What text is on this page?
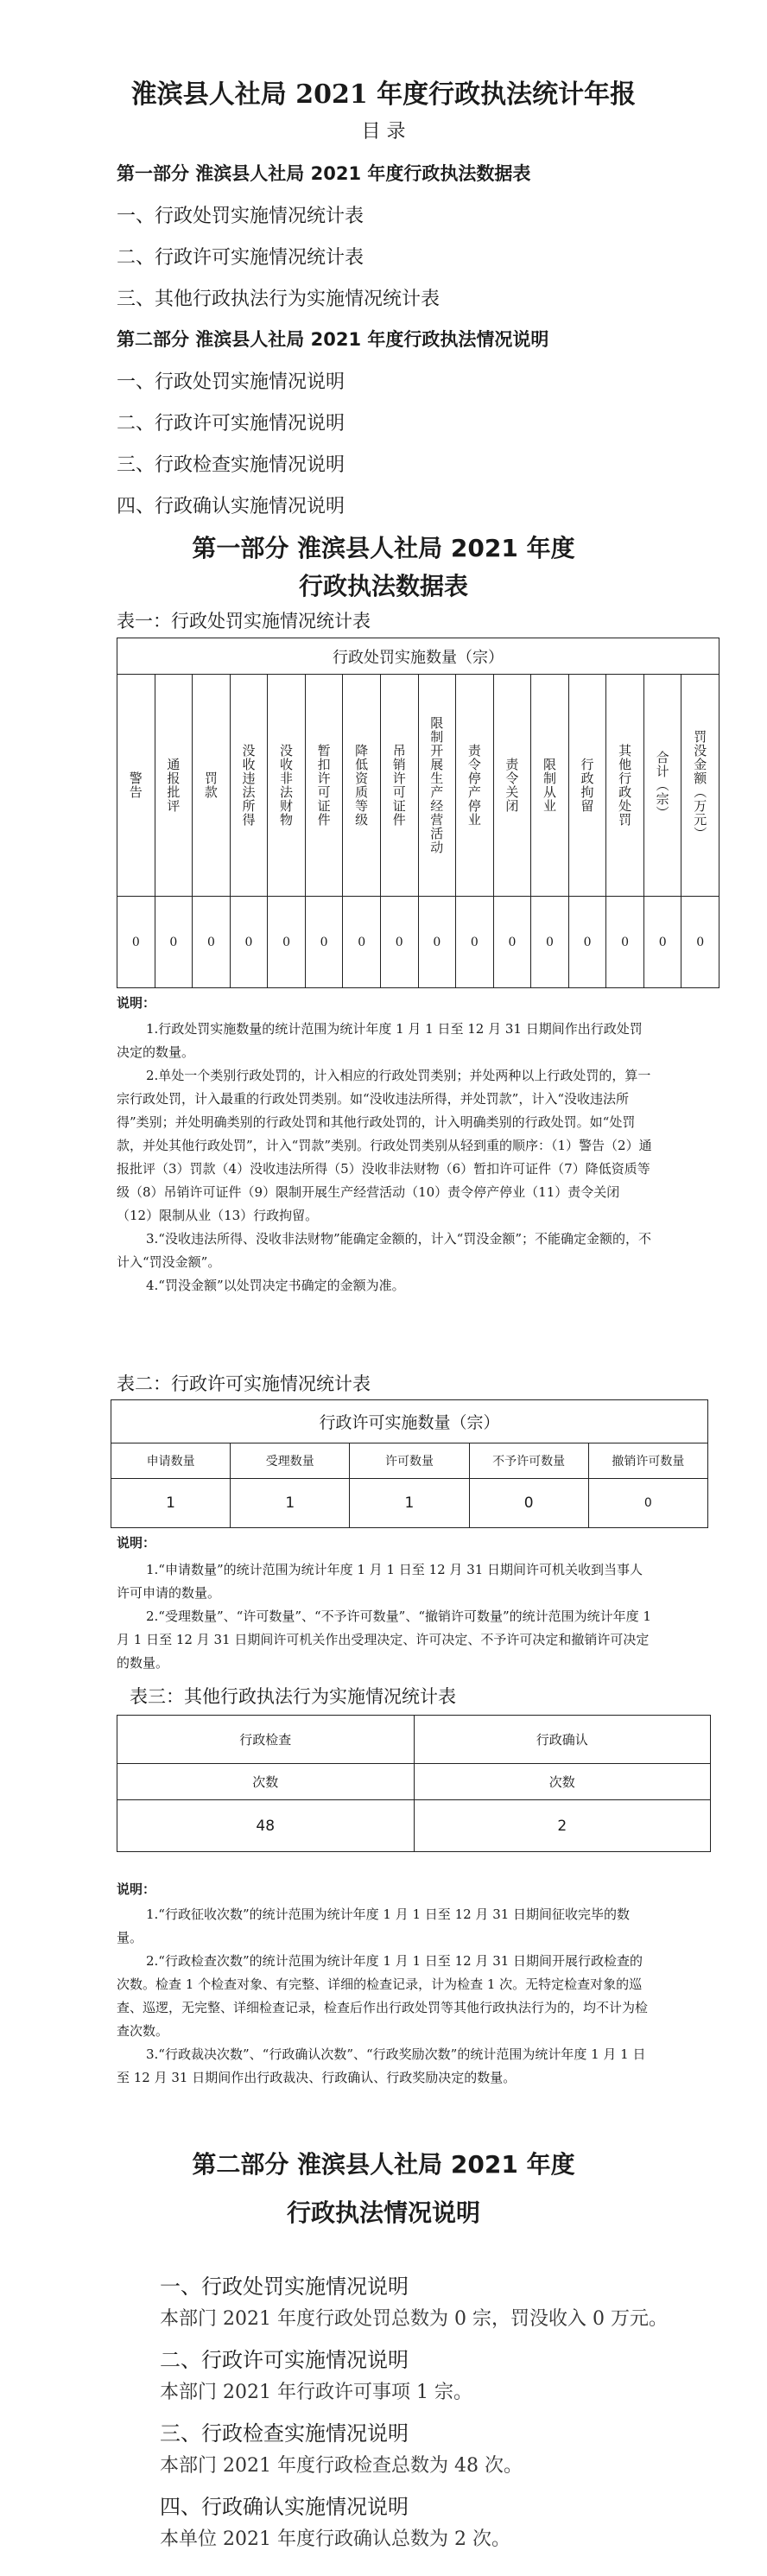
淮滨县人社局 2021 年度行政执法统计年报
目 录
第一部分 淮滨县人社局 2021 年度行政执法数据表
一、行政处罚实施情况统计表
二、行政许可实施情况统计表
三、其他行政执法行为实施情况统计表
第二部分 淮滨县人社局 2021 年度行政执法情况说明
一、行政处罚实施情况说明
二、行政许可实施情况说明
三、行政检查实施情况说明
四、行政确认实施情况说明
第一部分 淮滨县人社局 2021 年度
行政执法数据表
表一：行政处罚实施情况统计表
行政处罚实施数量（宗）															

警告	通报批评	罚款	没收违法所得	没收非法财物	暂扣许可证件	降低资质等级	吊销许可证件	限制开展生产经营活动	责令停产停业	责令关闭	限制从业	行政拘留	其他行政处罚	合计（宗）	罚没金额（万元）

0	0	0	0	0	0	0	0	0	0	0	0	0	0	0	0
说明：

1.行政处罚实施数量的统计范围为统计年度 1 月 1 日至 12 月 31 日期间作出行政处罚决定的数量。

2.单处一个类别行政处罚的，计入相应的行政处罚类别；并处两种以上行政处罚的，算一宗行政处罚，计入最重的行政处罚类别。如“没收违法所得，并处罚款”，计入“没收违法所得”类别；并处明确类别的行政处罚和其他行政处罚的，计入明确类别的行政处罚。如“处罚款，并处其他行政处罚”，计入“罚款”类别。行政处罚类别从轻到重的顺序：（1）警告（2）通报批评（3）罚款（4）没收违法所得（5）没收非法财物（6）暂扣许可证件（7）降低资质等级（8）吊销许可证件（9）限制开展生产经营活动（10）责令停产停业（11）责令关闭（12）限制从业（13）行政拘留。

3.“没收违法所得、没收非法财物”能确定金额的，计入“罚没金额”；不能确定金额的，不计入“罚没金额”。

4.“罚没金额”以处罚决定书确定的金额为准。

表二：行政许可实施情况统计表
行政许可实施数量（宗）				
申请数量	受理数量	许可数量	不予许可数量	撤销许可数量
1	1	1	0	0
说明：

1.“申请数量”的统计范围为统计年度 1 月 1 日至 12 月 31 日期间许可机关收到当事人许可申请的数量。

2.“受理数量”、“许可数量”、“不予许可数量”、“撤销许可数量”的统计范围为统计年度 1 月 1 日至 12 月 31 日期间许可机关作出受理决定、许可决定、不予许可决定和撤销许可决定的数量。

表三：其他行政执法行为实施情况统计表
行政检查	行政确认
次数	次数
48	2
说明：

1.“行政征收次数”的统计范围为统计年度 1 月 1 日至 12 月 31 日期间征收完毕的数量。

2.“行政检查次数”的统计范围为统计年度 1 月 1 日至 12 月 31 日期间开展行政检查的次数。检查 1 个检查对象、有完整、详细的检查记录，计为检查 1 次。无特定检查对象的巡查、巡逻，无完整、详细检查记录，检查后作出行政处罚等其他行政执法行为的，均不计为检查次数。

3.“行政裁决次数”、“行政确认次数”、“行政奖励次数”的统计范围为统计年度 1 月 1 日至 12 月 31 日期间作出行政裁决、行政确认、行政奖励决定的数量。

第二部分 淮滨县人社局 2021 年度
行政执法情况说明
一、行政处罚实施情况说明
本部门 2021 年度行政处罚总数为 0 宗，罚没收入 0 万元。
二、行政许可实施情况说明
本部门 2021 年行政许可事项 1 宗。
三、行政检查实施情况说明
本部门 2021 年度行政检查总数为 48 次。
四、行政确认实施情况说明
本单位 2021 年度行政确认总数为 2 次。
